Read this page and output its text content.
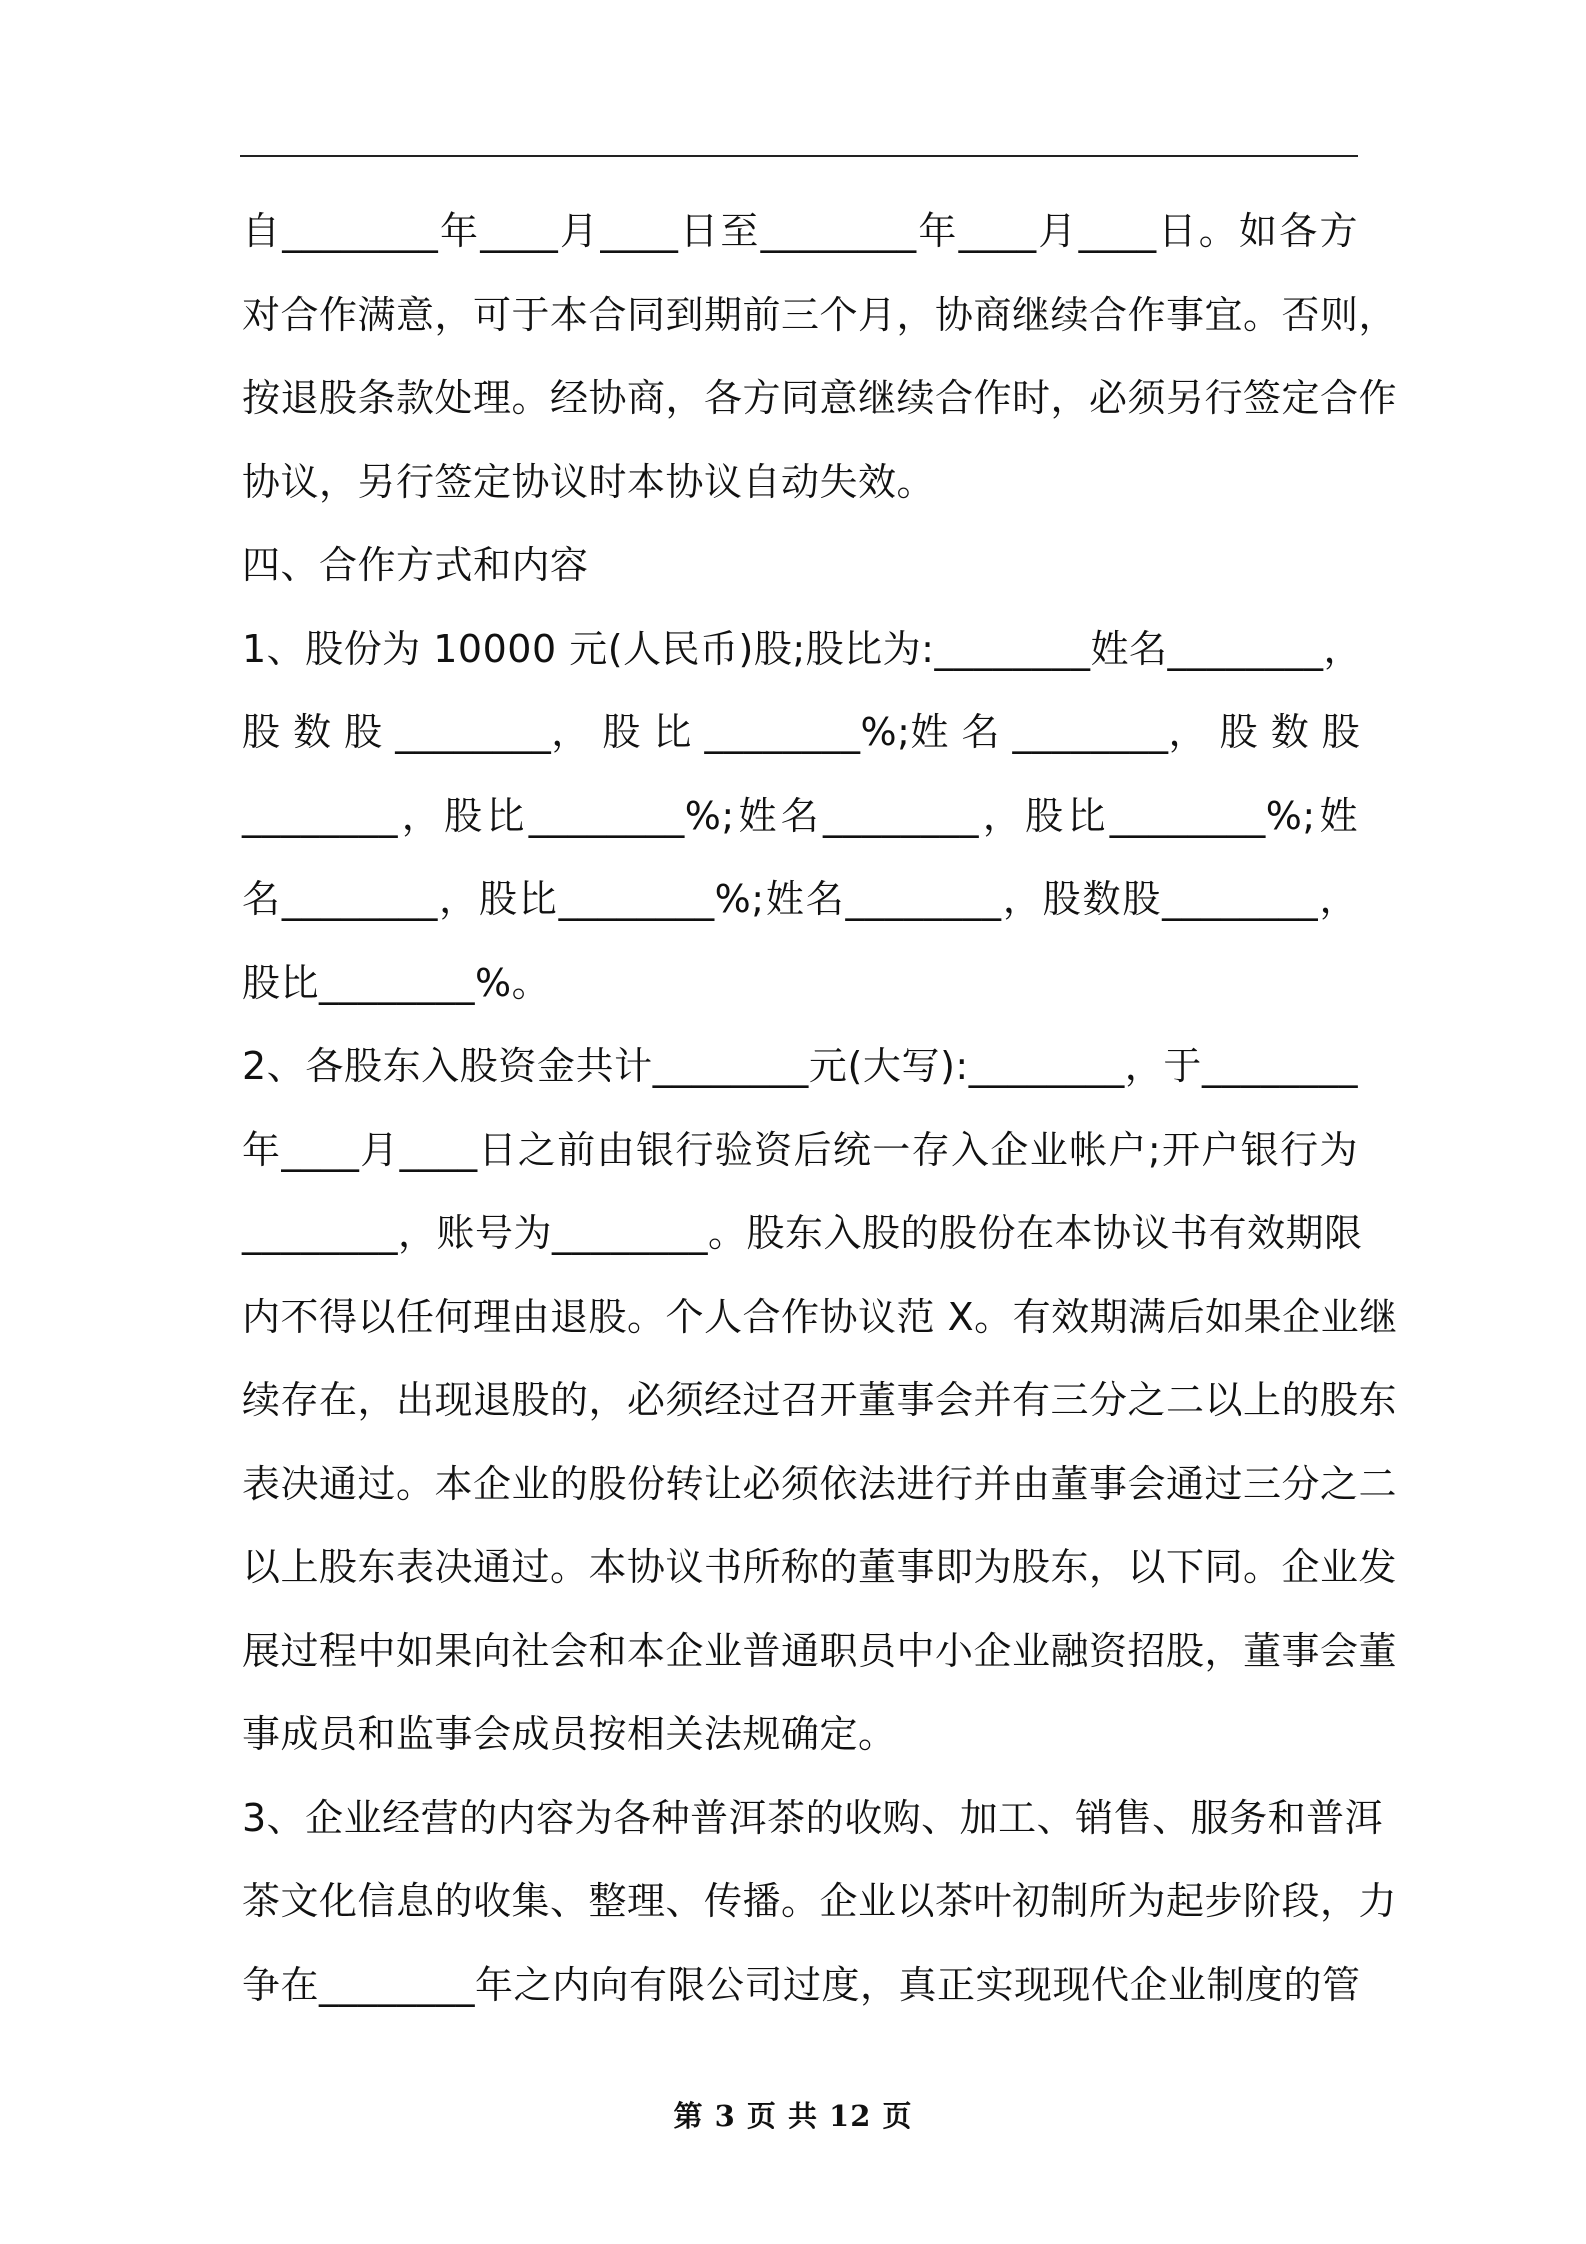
自________年____月____日至________年____月____日。如各方
对合作满意，可于本合同到期前三个月，协商继续合作事宜。否则，
按退股条款处理。经协商，各方同意继续合作时，必须另行签定合作
协议，另行签定协议时本协议自动失效。
四、合作方式和内容
1、股份为 10000 元(人民币)股;股比为:________姓名________，
股 数 股 ________， 股 比 ________%;姓 名 ________， 股 数 股
________，股比________%;姓名________，股比________%;姓
名________，股比________%;姓名________，股数股________，
股比________%。
2、各股东入股资金共计________元(大写):________，于________
年____月____日之前由银行验资后统一存入企业帐户;开户银行为
________，账号为________。股东入股的股份在本协议书有效期限
内不得以任何理由退股。个人合作协议范 X。有效期满后如果企业继
续存在，出现退股的，必须经过召开董事会并有三分之二以上的股东
表决通过。本企业的股份转让必须依法进行并由董事会通过三分之二
以上股东表决通过。本协议书所称的董事即为股东，以下同。企业发
展过程中如果向社会和本企业普通职员中小企业融资招股，董事会董
事成员和监事会成员按相关法规确定。
3、企业经营的内容为各种普洱茶的收购、加工、销售、服务和普洱
茶文化信息的收集、整理、传播。企业以茶叶初制所为起步阶段，力
争在________年之内向有限公司过度，真正实现现代企业制度的管
第 3 页 共 12 页
